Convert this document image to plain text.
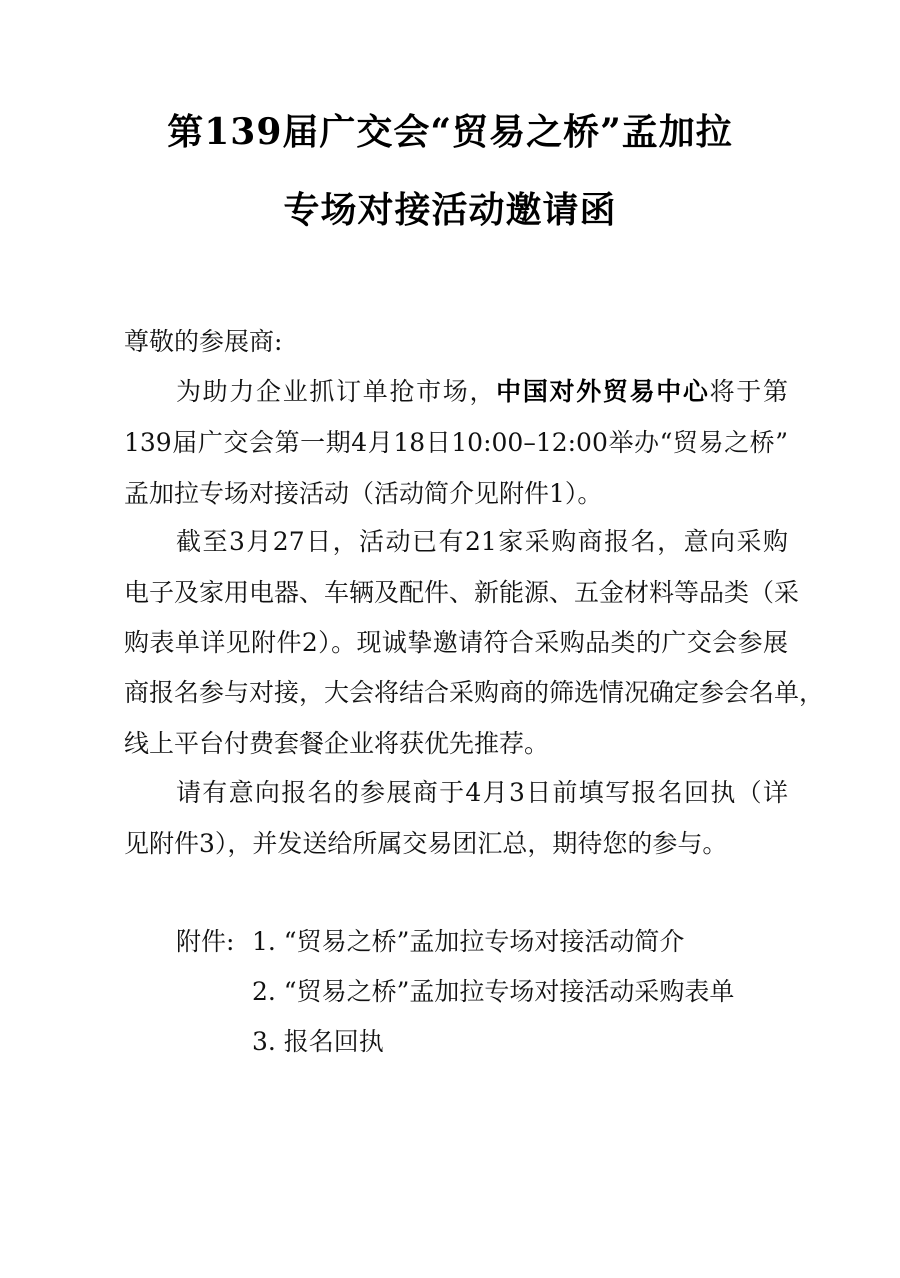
第139届广交会“贸易之桥”孟加拉
专场对接活动邀请函
尊敬的参展商:
为助力企业抓订单抢市场，中国对外贸易中心将于第
139届广交会第一期4月18日10:00–12:00举办“贸易之桥”
孟加拉专场对接活动（活动简介见附件1）。
截至3月27日，活动已有21家采购商报名，意向采购
电子及家用电器、车辆及配件、新能源、五金材料等品类（采
购表单详见附件2）。现诚挚邀请符合采购品类的广交会参展
商报名参与对接，大会将结合采购商的筛选情况确定参会名单，
线上平台付费套餐企业将获优先推荐。
请有意向报名的参展商于4月3日前填写报名回执（详
见附件3），并发送给所属交易团汇总，期待您的参与。
附件: 1. “贸易之桥”孟加拉专场对接活动简介
2. “贸易之桥”孟加拉专场对接活动采购表单
3. 报名回执
